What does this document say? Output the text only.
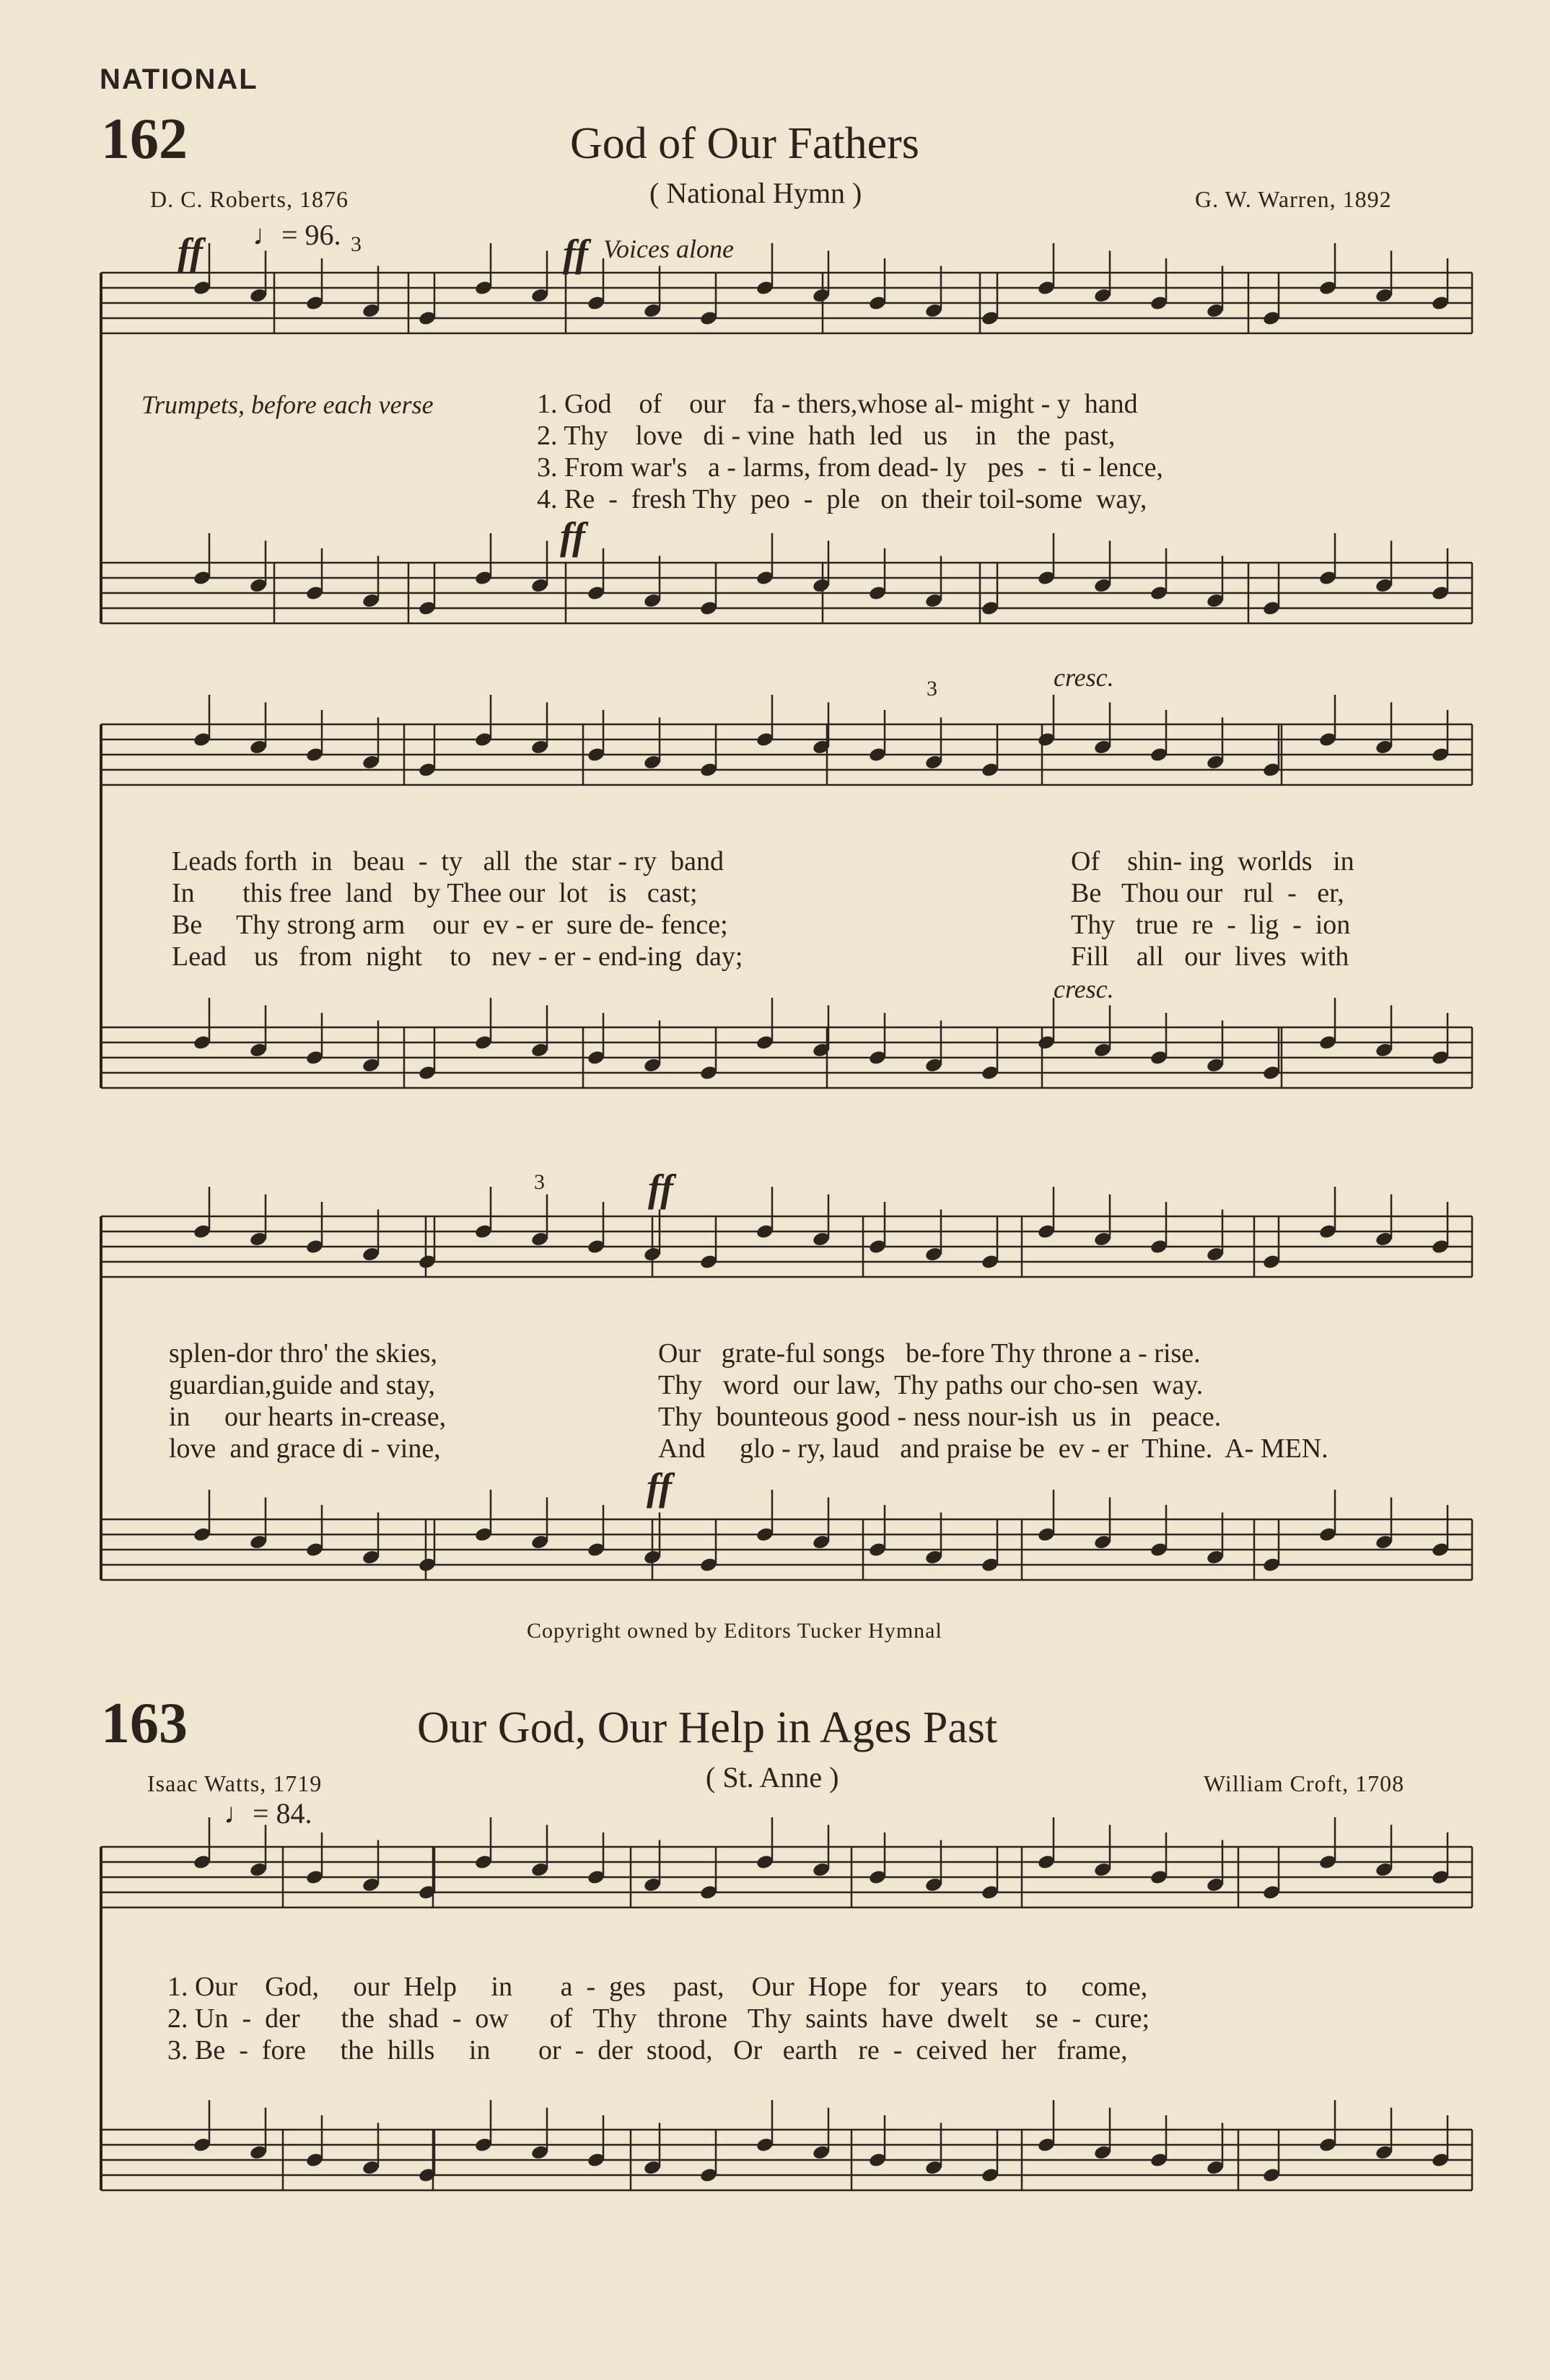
NATIONAL
162	God of Our Fathers
( National Hymn )
D. C. Roberts, 1876	G. W. Warren, 1892
ff ♩= 96. 3	ff Voices alone
Trumpets, before each verse	1. God    of    our    fa - thers,whose al- might - y  hand
2. Thy    love   di - vine  hath  led   us    in   the  past,
3. From war's   a - larms, from dead- ly   pes  -  ti - lence,
4. Re  -  fresh Thy  peo  -  ple   on  their toil-some  way,
ff
cresc.
3
Leads forth  in   beau  -  ty   all  the  star - ry  band
In       this free  land   by Thee our  lot   is   cast;
Be     Thy strong arm    our  ev - er  sure de- fence;
Lead    us   from  night    to   nev - er - end-ing  day;
Of    shin- ing  worlds   in
Be   Thou our   rul  -   er,
Thy   true  re  -  lig  -  ion
Fill    all   our  lives  with
cresc.
3	ff
splen-dor thro' the skies,
guardian,guide and stay,
in     our hearts in-crease,
love  and grace di - vine,
Our   grate-ful songs   be-fore Thy throne a - rise.
Thy   word  our law,  Thy paths our cho-sen  way.
Thy  bounteous good - ness nour-ish  us  in   peace.
And     glo - ry, laud   and praise be  ev - er  Thine.  A- MEN.
ff
Copyright owned by Editors Tucker Hymnal
163	Our God, Our Help in Ages Past
( St. Anne )
Isaac Watts, 1719	William Croft, 1708
♩= 84.
1. Our    God,     our  Help     in       a  -  ges    past,    Our  Hope   for   years    to     come,
2. Un  -  der      the  shad  -  ow      of   Thy   throne   Thy  saints  have  dwelt    se  -  cure;
3. Be  -  fore     the  hills     in       or  -  der  stood,   Or   earth   re  -  ceived  her   frame,
